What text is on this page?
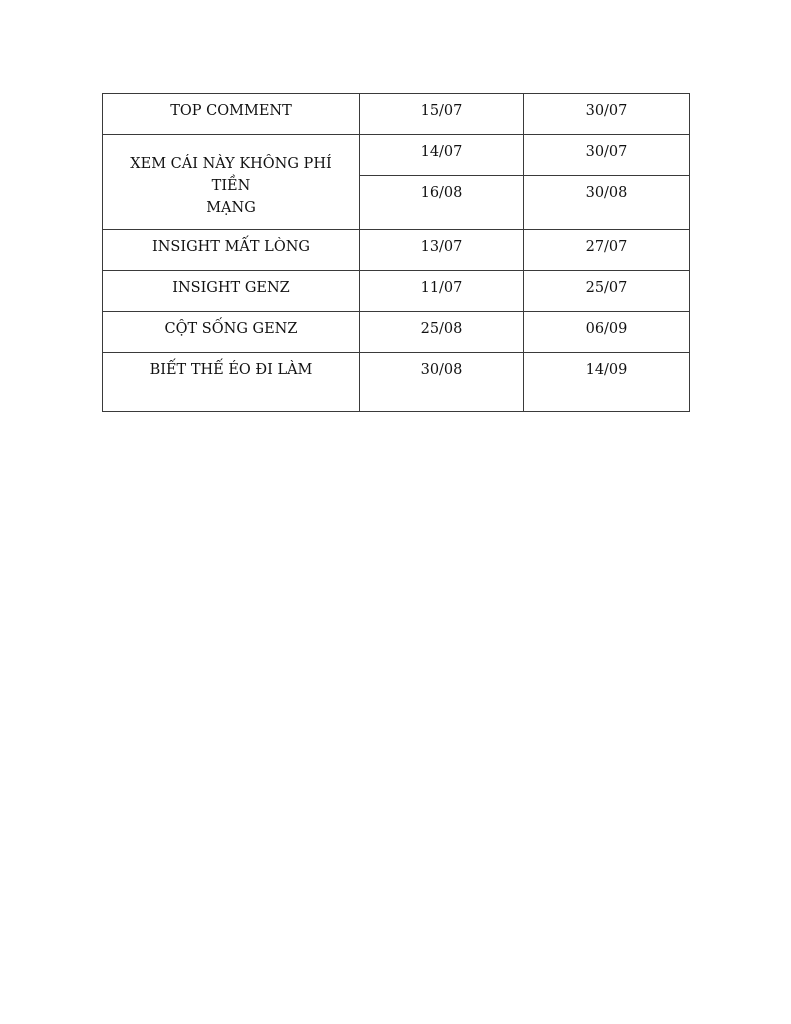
TOP COMMENT	15/07	30/07
XEM CÁI NÀY KHÔNG PHÍ TIỀN
MẠNG	14/07	30/07
	16/08	30/08
INSIGHT MẤT LÒNG	13/07	27/07
INSIGHT GENZ	11/07	25/07
CỘT SỐNG GENZ	25/08	06/09
BIẾT THẾ ÉO ĐI LÀM	30/08	14/09
